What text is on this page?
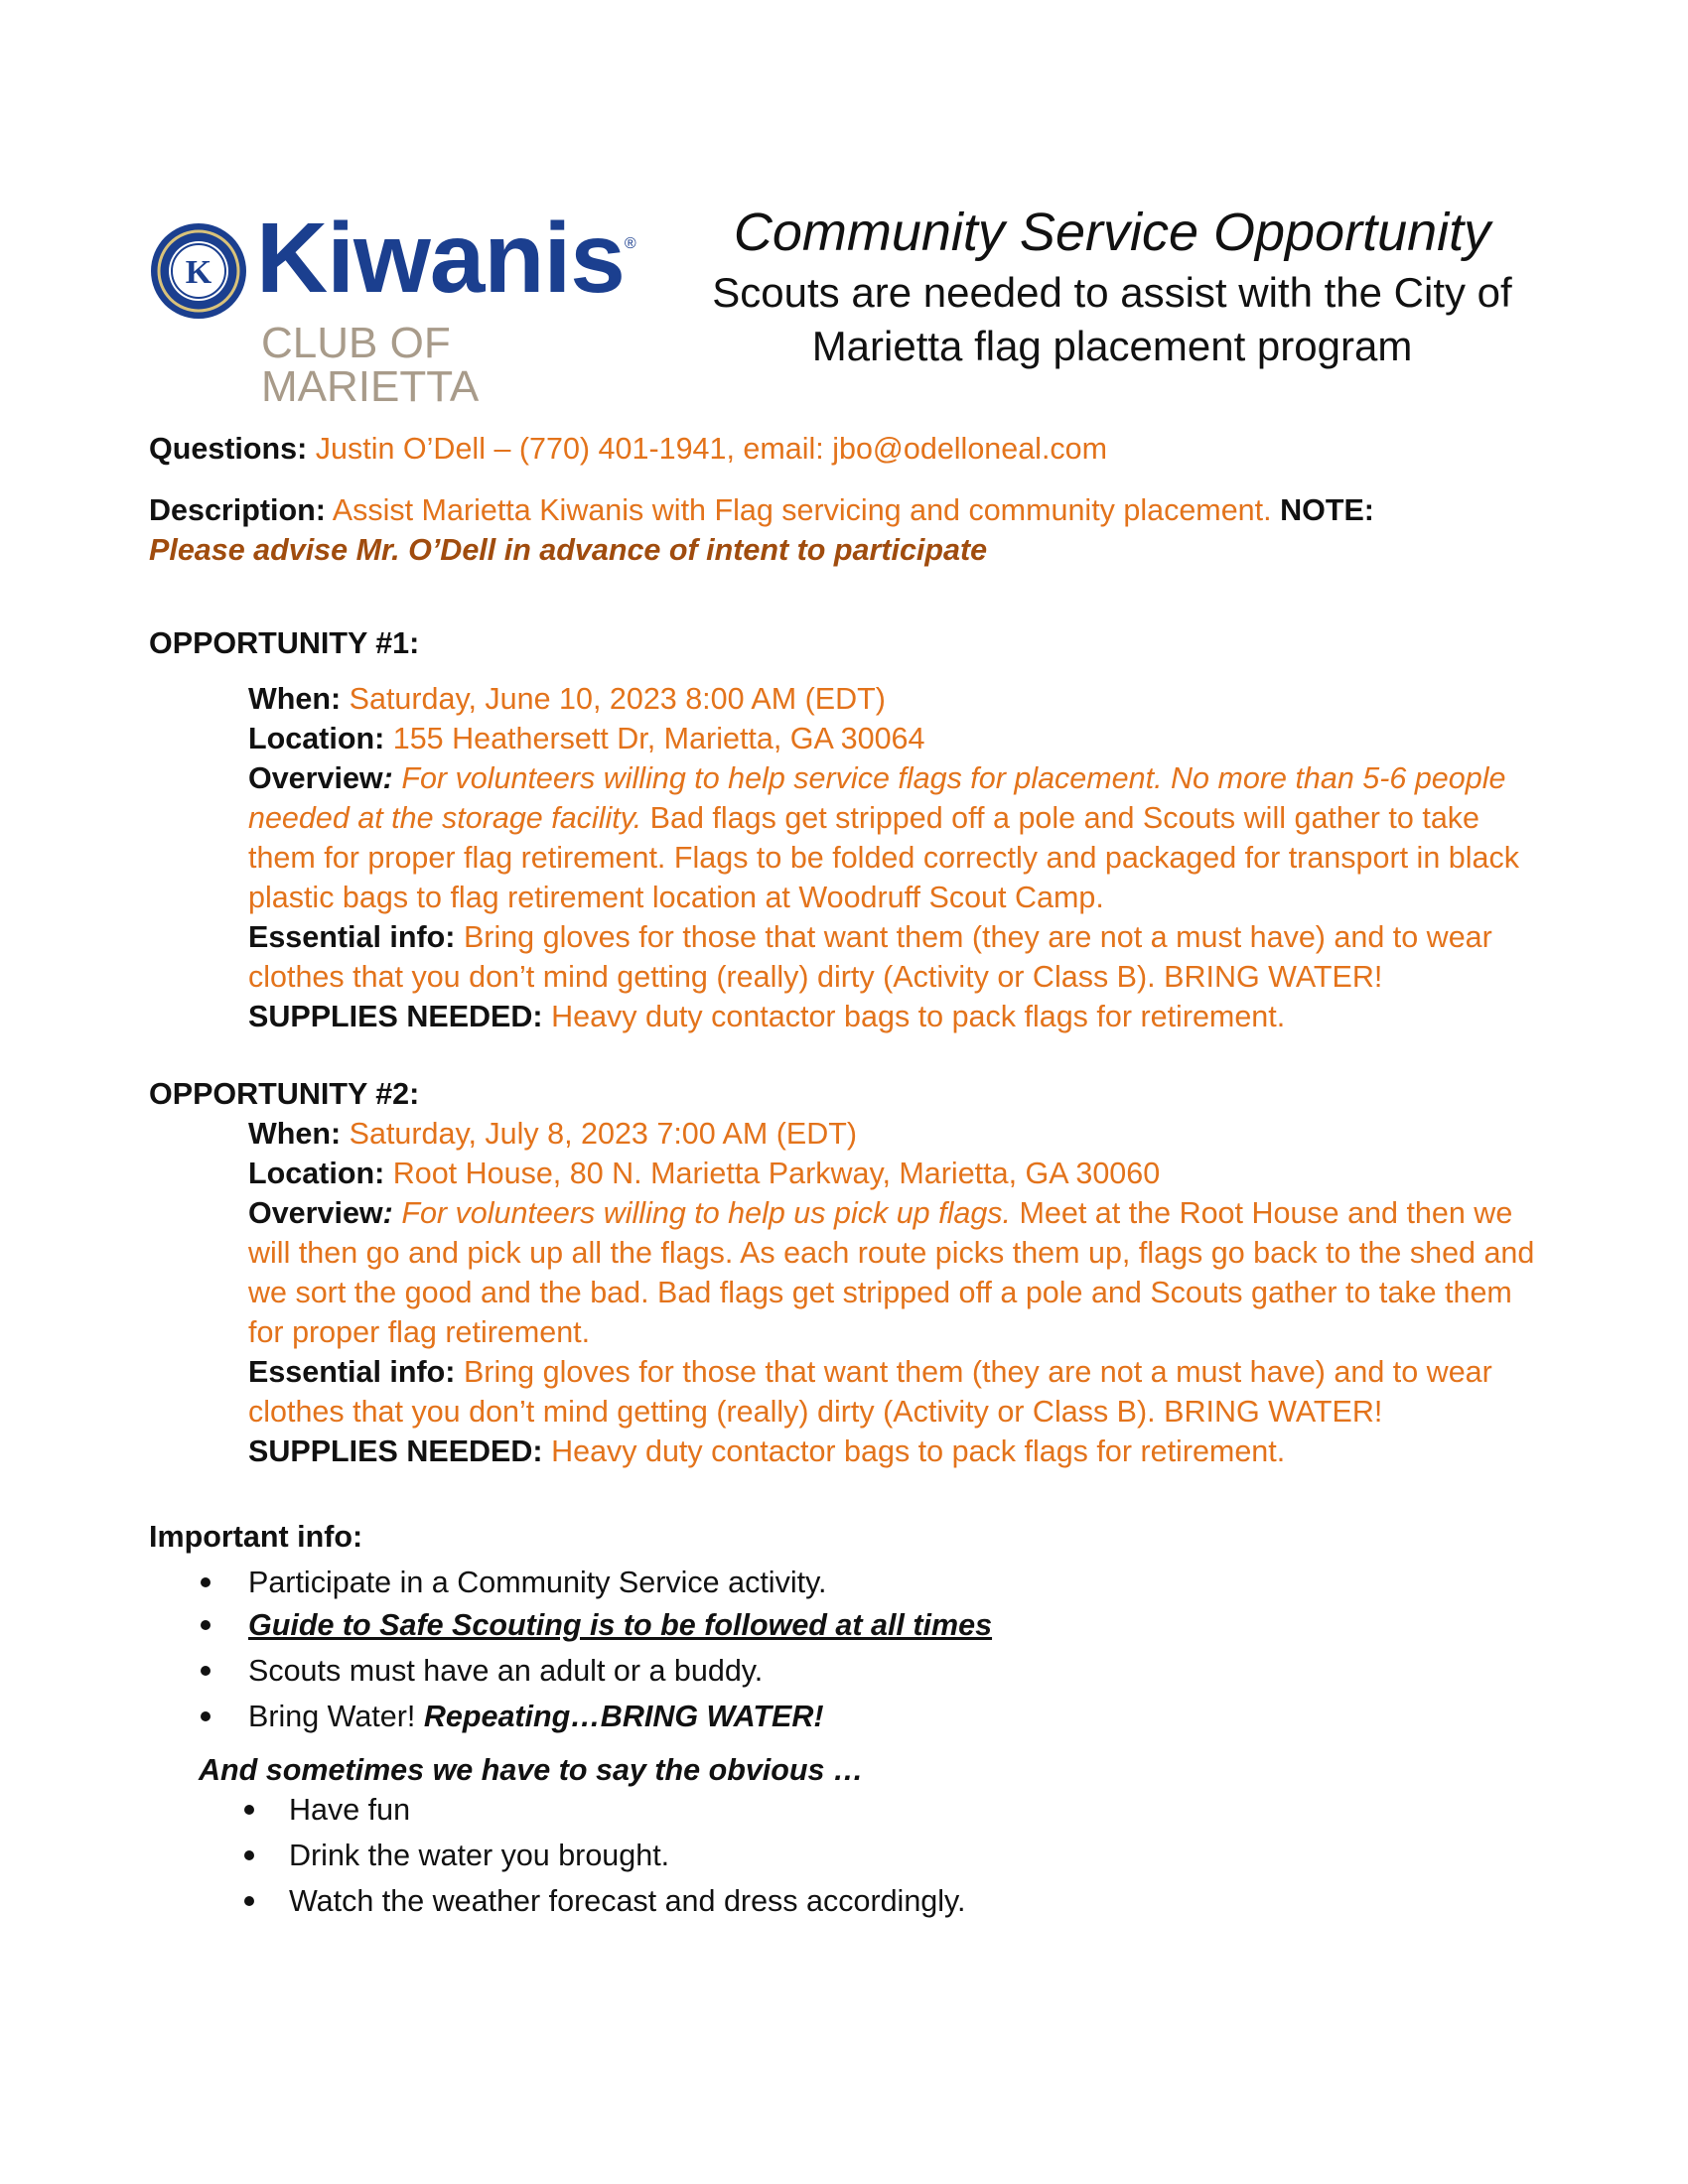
K Kiwanis®
CLUB OF MARIETTA
Community Service Opportunity
Scouts are needed to assist with the City of
Marietta flag placement program

Questions: Justin O’Dell – (770) 401-1941, email: jbo@odelloneal.com

Description: Assist Marietta Kiwanis with Flag servicing and community placement. NOTE:
Please advise Mr. O’Dell in advance of intent to participate

OPPORTUNITY #1:

When: Saturday, June 10, 2023 8:00 AM (EDT)
Location: 155 Heathersett Dr, Marietta, GA 30064
Overview: For volunteers willing to help service flags for placement. No more than 5-6 people needed at the storage facility. Bad flags get stripped off a pole and Scouts will gather to take them for proper flag retirement. Flags to be folded correctly and packaged for transport in black plastic bags to flag retirement location at Woodruff Scout Camp.
Essential info: Bring gloves for those that want them (they are not a must have) and to wear clothes that you don’t mind getting (really) dirty (Activity or Class B). BRING WATER! SUPPLIES NEEDED: Heavy duty contactor bags to pack flags for retirement.

OPPORTUNITY #2:

When: Saturday, July 8, 2023 7:00 AM (EDT)
Location: Root House, 80 N. Marietta Parkway, Marietta, GA 30060
Overview: For volunteers willing to help us pick up flags. Meet at the Root House and then we will then go and pick up all the flags. As each route picks them up, flags go back to the shed and we sort the good and the bad. Bad flags get stripped off a pole and Scouts gather to take them for proper flag retirement.
Essential info: Bring gloves for those that want them (they are not a must have) and to wear clothes that you don’t mind getting (really) dirty (Activity or Class B). BRING WATER! SUPPLIES NEEDED: Heavy duty contactor bags to pack flags for retirement.

Important info:

Participate in a Community Service activity.
Guide to Safe Scouting is to be followed at all times
Scouts must have an adult or a buddy.
Bring Water! Repeating…BRING WATER!

And sometimes we have to say the obvious …

Have fun
Drink the water you brought.
Watch the weather forecast and dress accordingly.
